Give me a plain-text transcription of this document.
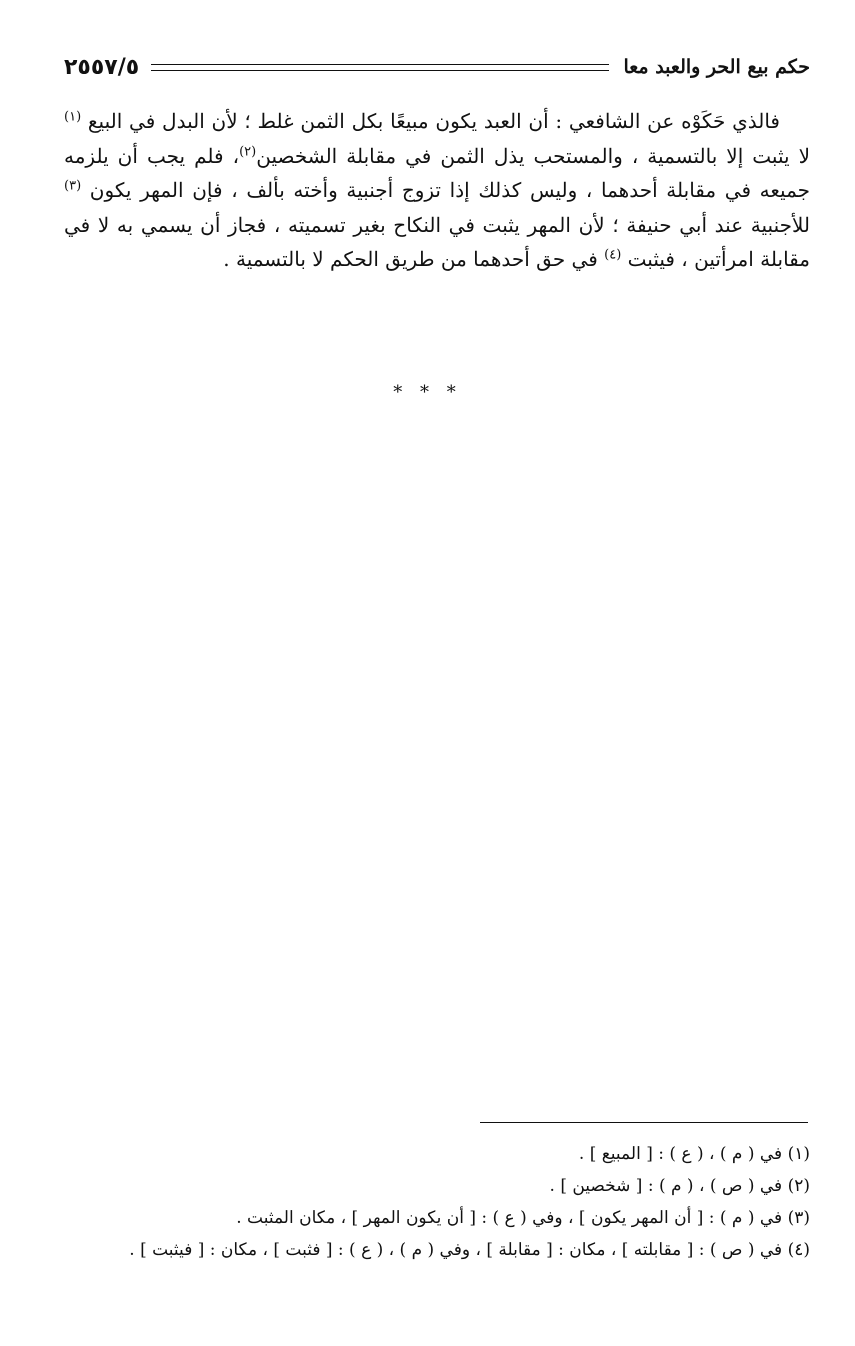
حكم بيع الحر والعبد معا
٢٥٥٧/٥

فالذي حَكَوْه عن الشافعي : أن العبد يكون مبيعًا بكل الثمن غلط ؛ لأن البدل في البيع $^{(١)}$ لا يثبت إلا بالتسمية ، والمستحب يذل الثمن في مقابلة الشخصين$^{(٢)}$، فلم يجب أن يلزمه جميعه في مقابلة أحدهما ، وليس كذلك إذا تزوج أجنبية وأخته بألف ، فإن المهر يكون $^{(٣)}$ للأجنبية عند أبي حنيفة ؛ لأن المهر يثبت في النكاح بغير تسميته ، فجاز أن يسمي به لا في مقابلة امرأتين ، فيثبت $^{(٤)}$ في حق أحدهما من طريق الحكم لا بالتسمية .

* * *
(١) في ( م ) ، ( ع ) : [ المبيع ] .
(٢) في ( ص ) ، ( م ) : [ شخصين ] .
(٣) في ( م ) : [ أن المهر يكون ] ، وفي ( ع ) : [ أن يكون المهر ] ، مكان المثبت .
(٤) في ( ص ) : [ مقابلته ] ، مكان : [ مقابلة ] ، وفي ( م ) ، ( ع ) : [ فثبت ] ، مكان : [ فيثبت ] .
